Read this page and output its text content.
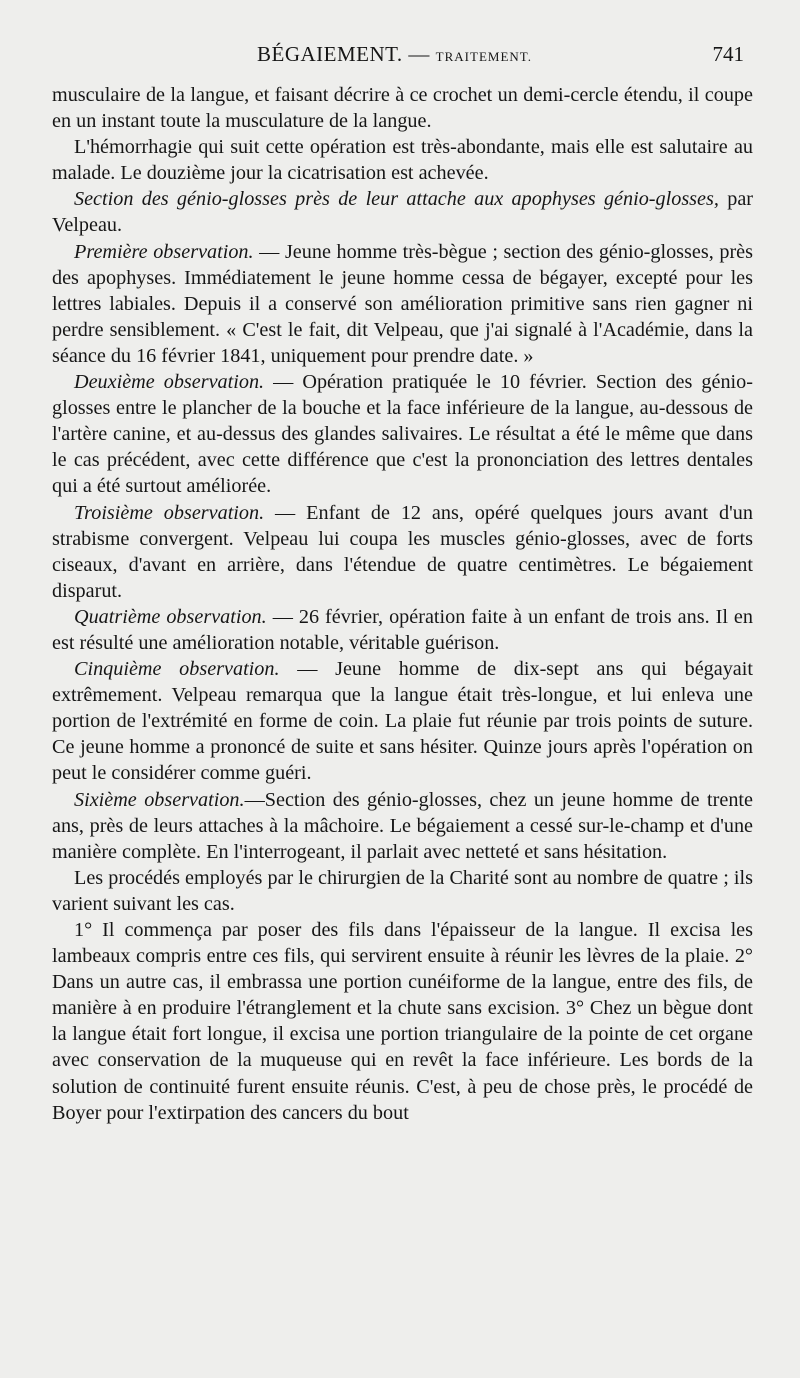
BÉGAIEMENT. — TRAITEMENT.	741

musculaire de la langue, et faisant décrire à ce crochet un demi-cercle étendu, il coupe en un instant toute la musculature de la langue.

L'hémorrhagie qui suit cette opération est très-abondante, mais elle est salutaire au malade. Le douzième jour la cicatrisation est achevée.

Section des génio-glosses près de leur attache aux apophyses génio-glosses, par Velpeau.

Première observation. — Jeune homme très-bègue ; section des génio-glosses, près des apophyses. Immédiatement le jeune homme cessa de bégayer, excepté pour les lettres labiales. Depuis il a conservé son amélioration primitive sans rien gagner ni perdre sensiblement. « C'est le fait, dit Velpeau, que j'ai signalé à l'Académie, dans la séance du 16 février 1841, uniquement pour prendre date. »

Deuxième observation. — Opération pratiquée le 10 février. Section des génio-glosses entre le plancher de la bouche et la face inférieure de la langue, au-dessous de l'artère canine, et au-dessus des glandes salivaires. Le résultat a été le même que dans le cas précédent, avec cette différence que c'est la prononciation des lettres dentales qui a été surtout améliorée.

Troisième observation. — Enfant de 12 ans, opéré quelques jours avant d'un strabisme convergent. Velpeau lui coupa les muscles génio-glosses, avec de forts ciseaux, d'avant en arrière, dans l'étendue de quatre centimètres. Le bégaiement disparut.

Quatrième observation. — 26 février, opération faite à un enfant de trois ans. Il en est résulté une amélioration notable, véritable guérison.

Cinquième observation. — Jeune homme de dix-sept ans qui bégayait extrêmement. Velpeau remarqua que la langue était très-longue, et lui enleva une portion de l'extrémité en forme de coin. La plaie fut réunie par trois points de suture. Ce jeune homme a prononcé de suite et sans hésiter. Quinze jours après l'opération on peut le considérer comme guéri.

Sixième observation.—Section des génio-glosses, chez un jeune homme de trente ans, près de leurs attaches à la mâchoire. Le bégaiement a cessé sur-le-champ et d'une manière complète. En l'interrogeant, il parlait avec netteté et sans hésitation.

Les procédés employés par le chirurgien de la Charité sont au nombre de quatre ; ils varient suivant les cas.

1° Il commença par poser des fils dans l'épaisseur de la langue. Il excisa les lambeaux compris entre ces fils, qui servirent ensuite à réunir les lèvres de la plaie. 2° Dans un autre cas, il embrassa une portion cunéiforme de la langue, entre des fils, de manière à en produire l'étranglement et la chute sans excision. 3° Chez un bègue dont la langue était fort longue, il excisa une portion triangulaire de la pointe de cet organe avec conservation de la muqueuse qui en revêt la face inférieure. Les bords de la solution de continuité furent ensuite réunis. C'est, à peu de chose près, le procédé de Boyer pour l'extirpation des cancers du bout
